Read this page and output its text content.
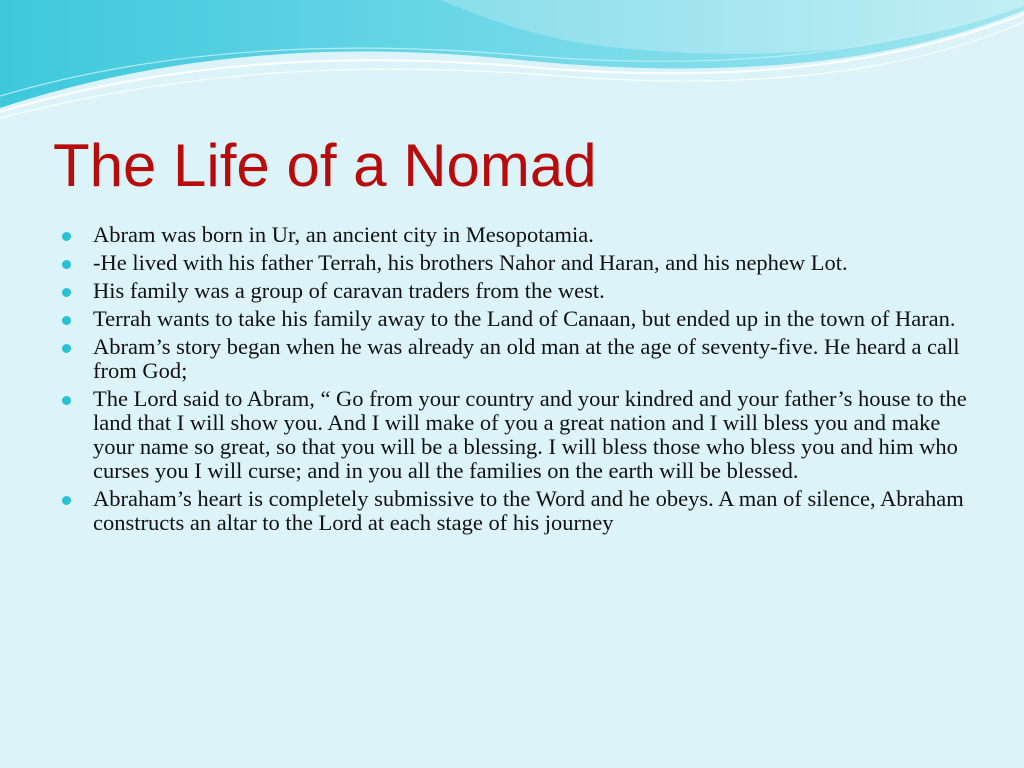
The Life of a Nomad
Abram was born in Ur, an ancient city in Mesopotamia.
-He lived with his father Terrah, his brothers Nahor and Haran, and his nephew Lot.
His family was a group of caravan traders from the west.
Terrah wants to take his family away to the Land of Canaan, but ended up in the town of Haran.
Abram’s story began when he was already an old man at the age of seventy-five. He heard a call from God;
The Lord said to Abram, “ Go from your country and your kindred and your father’s house to the land that I will show you. And I will make of you a great nation and I will bless you and make your name so great, so that you will be a blessing. I will bless those who bless you and him who curses you I will curse; and in you all the families on the earth will be blessed.
Abraham’s heart is completely submissive to the Word and he obeys. A man of silence, Abraham constructs an altar to the Lord at each stage of his journey
